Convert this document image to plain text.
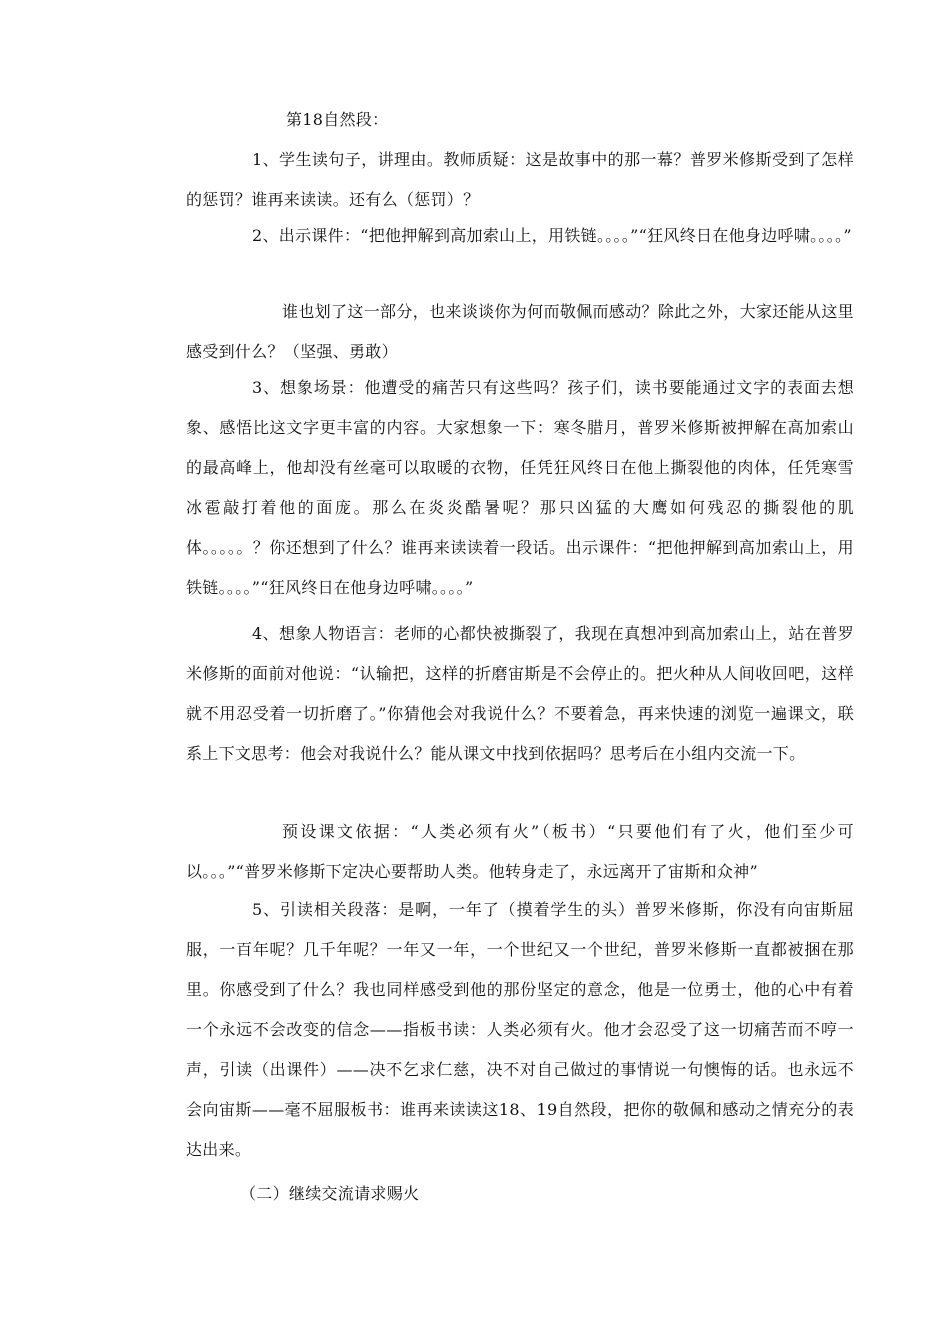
第18自然段：

1、学生读句子，讲理由。教师质疑：这是故事中的那一幕？普罗米修斯受到了怎样的惩罚？谁再来读读。还有么（惩罚）？

2、出示课件：“把他押解到高加索山上，用铁链。。。。”“狂风终日在他身边呼啸。。。。”

谁也划了这一部分，也来谈谈你为何而敬佩而感动？除此之外，大家还能从这里感受到什么？（坚强、勇敢）

3、想象场景：他遭受的痛苦只有这些吗？孩子们，读书要能通过文字的表面去想象、感悟比这文字更丰富的内容。大家想象一下：寒冬腊月，普罗米修斯被押解在高加索山的最高峰上，他却没有丝毫可以取暖的衣物，任凭狂风终日在他上撕裂他的肉体，任凭寒雪冰雹敲打着他的面庞。那么在炎炎酷暑呢？那只凶猛的大鹰如何残忍的撕裂他的肌体。。。。。？你还想到了什么？谁再来读读着一段话。出示课件：“把他押解到高加索山上，用铁链。。。。”“狂风终日在他身边呼啸。。。。”

4、想象人物语言：老师的心都快被撕裂了，我现在真想冲到高加索山上，站在普罗米修斯的面前对他说：“认输把，这样的折磨宙斯是不会停止的。把火种从人间收回吧，这样就不用忍受着一切折磨了。”你猜他会对我说什么？不要着急，再来快速的浏览一遍课文，联系上下文思考：他会对我说什么？能从课文中找到依据吗？思考后在小组内交流一下。

预设课文依据：“人类必须有火”（板书）“只要他们有了火，他们至少可以。。。”“普罗米修斯下定决心要帮助人类。他转身走了，永远离开了宙斯和众神”

5、引读相关段落：是啊，一年了（摸着学生的头）普罗米修斯，你没有向宙斯屈服，一百年呢？几千年呢？一年又一年，一个世纪又一个世纪，普罗米修斯一直都被捆在那里。你感受到了什么？我也同样感受到他的那份坚定的意念，他是一位勇士，他的心中有着一个永远不会改变的信念——指板书读：人类必须有火。他才会忍受了这一切痛苦而不哼一声，引读（出课件）——决不乞求仁慈，决不对自己做过的事情说一句懊悔的话。也永远不会向宙斯——毫不屈服板书：谁再来读读这18、19自然段，把你的敬佩和感动之情充分的表达出来。

（二）继续交流请求赐火
